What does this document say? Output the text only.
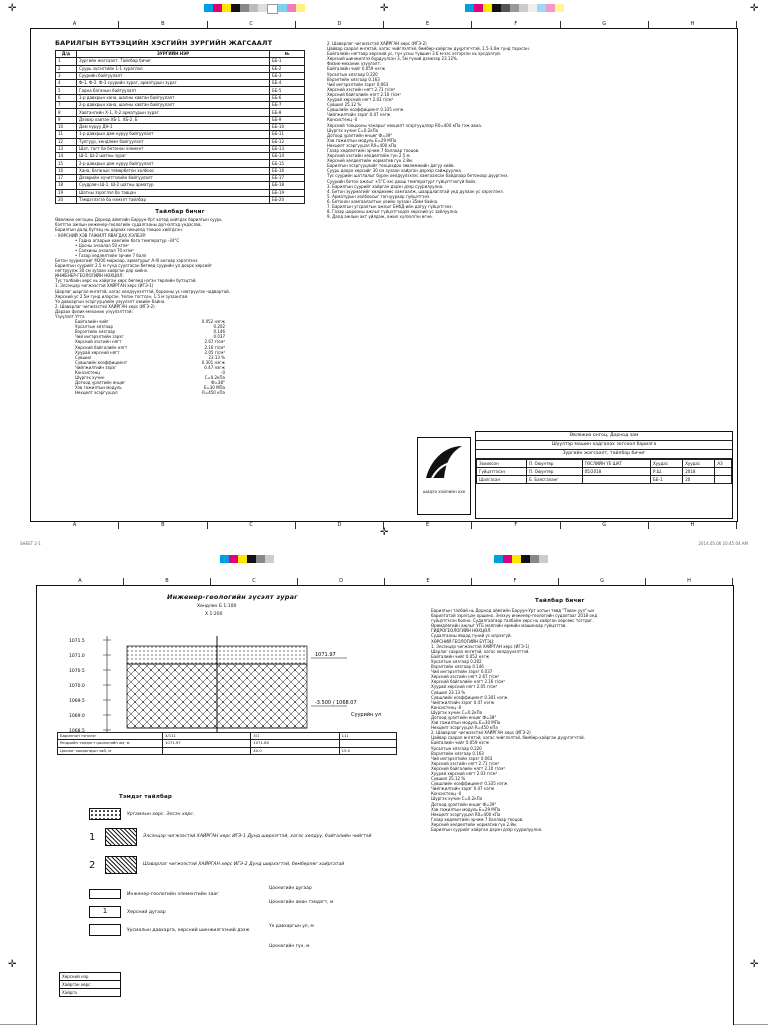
✛	✛	✛
A	B	C	D	E	F	G	H
A	B	C	D	E	F	G	H
БАРИЛГЫН БҮТЭЭЦИЙН ХЭСГИЙН ЗУРГИЙН ЖАГСААЛТ
Д/д	ЗУРГИЙН НЭР	№
1	Зургийн жагсаалт. Тайлбар бичиг	ББ-1
2	Суурь зүсэлтийн 1-1 зураглал	ББ-2
3	Суурийн байгуулалт	ББ-3
4	Ф-1, Ф-2. Ф-3 суурийн зураг, арматурын зураг	ББ-4
5	Гадна баганын байгуулалт	ББ-5
6	1-р давхрын хана, шалны хавтан байгуулалт	ББ-6
7	2-р давхрын хана, шалны хавтан байгуулалт	ББ-7
8	Хавтангийн Х-1, Х-2 арматурын зураг	ББ-8
9	Дээвэр хавтан ХБ-1. ХБ-2. Б	ББ-9
10	Дам нуруу ДН-1	ББ-10
11	1-р давхрын дам нуруу байгуулалт	ББ-11
12	Тулгуур, хөндлөвч байгуулалт	ББ-12
13	Шат, тагт ба бетонон элемент	ББ-13
14	Ш-1. Ш-2 шатны зураг	ББ-14
15	2-р давхрын дам нуруу байгуулалт	ББ-15
16	Хана, баганын төмөрбетон холбоос	ББ-16
17	Дээврийн хүчитгэлийн байгуулалт	ББ-17
18	Сүүдрэвч Ш-1. Ш-2 шатны арматур	ББ-18
19	Шатны зэрэглэл ба тавцан	ББ-19
20	Тэмдэглэгээ ба нэмэлт тайлбар	ББ-20
Тайлбар бичиг
Өвөлжих онгоцны Дорнод аймгийн Баруун-Урт хотод хийгдэх барилгын суурь
бэлтгэх ажлын инженер-геологийн судалгааны дүгнэлтэд үндэслэв.
Барилгын далд бүтээц нь дараах нөхцөлд тооцоо хийгдсэн:
- ХӨРСНИЙ ХЭВ ГАЖИЛТ ЯВАГДАХ ХЭЛБЭР:
• Гадна агаарын хамгийн бага температур -34°С
• Цасны ачаалал 50 кг/м²
• Салхины ачаалал 70 кг/м²
• Газар хөдлөлтийн эрчим 7 балл
Бетон зуурмагийг М200 маркаар, арматурыг A-III ангиар хэрэглэнэ.
Барилгын суурийг 2.5 м гүнд суулгасан бөгөөд суурийн ул доорх хөрсийг
нягтруулж 30 см зузаан хайрган дэр хийнэ.
ИНЖЕНЕР-ГЕОЛОГИЙН НӨХЦӨЛ:
Тус талбайн хөрс нь хайрган хөрс бөгөөд нэгэн төрлийн бүтэцтэй.
1. Элсэнцэр чигжээстэй ХАЙРГАН хөрс (ИГЭ-1)
Шарлаг шаргал өнгөтэй, хагас хөлдүүнэлттэй, борооны ус нэвтрүүлэх чадвартай.
Хөрсний ус 2.5м гүнд илэрсэн. Үелэн тогтсон, 1.5 м зузаантай.
Үе давхаргын эсэргүүцлийн үзүүлэлт хэвийн байна.
2. Шаварлаг чигжээстэй ХАЙРГАН хөрс (ИГЭ-2)
Дараах физик-механик үзүүлэлттэй:
Үзүүлэлт Утга
Байгалийн чийг	0.052 нэгж
Урсалтын хязгаар	0.202
Вэрэлтийн хязгаар	0.146
Чий ингэрэлтийн зэрэг	0.037
Хөрсний хэсгийн нягт	2.67 г/см³
Хөрсний байгалийн нягт	2.16 г/см³
Хуурай хөрсний нягт	2.05 г/см³
Сүвшил	23.13 %
Сүвшлийн коэффициент	0.301 нэгж
Чийгжилтийн зэрэг	0.47 нэгж
Консистенц	-0
Шүргэх хүчин	С=0.2кПа
Дотоод үрэлтийн өнцөг	Ф=38°
Хэв гажилтын модуль	Е=30 МПа
Нөхцөлт эсэргүүцэл	R=450 кПа
2. Шаварлаг чигжээстэй ХАЙРГАН хөрс (ИГЭ-2)
Цайвар саарал өнгөтэй, хагас чийглэлтэй, бөмбөр-хайрган дүүргэгчтэй, 1.5-3.0м гүнд тархсан.
Байгалийн нягтаар хөрсний ус, гүн усны түвшин 3.6 м-ээс хэтэрсэн нь эрсдэлгүй.
Хөрсний шинжилгээ бүрдүүлсэн 3, 5м гүний дээжээр 23.12%.
Физик-механик үзүүлэлт:
Байгалийн чийг 0.059 нэгж
Урсалтын хязгаар 0.220
Вэрэлтийн хязгаар 0.163
Чий ингэрэлтийн зэрэг 0.063
Хөрсний хэсгийн нягт 2.71 г/см³
Хөрсний байгалийн нягт 2.10 г/см³
Хуурай хөрсний нягт 2.03 г/см³
Сүвшил 25.12 %
Сүвшлийн коэффициент 0.335 нэгж
Чийгжилтийн зэрэг 0.47 нэгж
Консистенц -0
Хөрсний тооцооны чанарыг нөхцөлт эсэргүүцлээр R0=400 кПа гэж авна.
Шүргэх хүчин С=0.2кПа
Дотоод үрэлтийн өнцөг Ф=39°
Хэв гажилтын модуль Е=29 МПа
Нөхцөлт эсэргүүцэл R0=400 кПа
Газар хөдлөлтийн эрчим 7 баллаар тооцов.
Хөрсний хэсгийн хөлдөлтийн гүн 2.5 м.
Хөрсний хөлдөлтийн норматив гүн 2.8м.
Барилгын эсэргүүцлийг тооцохдоо зөвлөмжийн дагуу хийв.
Суурь доорх хөрсийг 30 см зузаан хайрган дэрээр сайжруулна.
Тус суурийн шатлалыг бүрэн хөлдүүлэхээс хамгаалсан байдлаар бетоноор дүүргэнэ.
Суурийн бетон ажлыг +5°С-ээс доош температурт гүйцэтгэхгүй байх.
3. Барилгын суурийг хайрган дэрэн дээр суурилуулна.
4. Бетон зуурмагийг хөлдөхөөс хамгаалж, шаардлагатай үед дулаан ус хэрэглэнэ.
5. Арматурын холбоосыг гагнуураар гүйцэтгэнэ.
6. Бетонон хамгаалалтын үеийн зузаан 35мм байна.
7. Барилгын угсралтын ажлыг БНбД-ийн дагуу гүйцэтгэнэ.
8. Газар шорооны ажлыг гүйцэтгэхдээ хөрсний ус зайлуулна.
9. Далд ажлын акт үйлдэж, ажил хүлээлгэн өгнө.
Өвлөжих онгоц, Дорнод зам
Шүүлтэр машин хадгалах зогсоол барилга
Зургийн жагсаалт, тайлбар бичиг
Зохиосон	П. Оюунтөр	ТӨСЛИЙН ҮЕ ШАТ	Хуудас	Хуудас	A3
Гүйцэтгэсэн	П. Оюунтөр	05/2018	Р.Ш.	2018	
Шалгасан	Б. Баясгаланг		ББ-1	20	
ШИДЭЭ ХЭЙЛИЙН ХХК
✛
SHEET 2-1	2014.05.06 10:45:04 AM
A	B	C	D	E	F	G	H
Инженер-геологийн зүсэлт зураг
Хөндлөн Б 1:100
Х 1:200
1071.5
1071.0
1070.5
1070.0
1069.5
1069.0
1068.5
1071.97
-3.500 / 1068.07
Суурийн ул
Барилгын тэнхлэг	3/111	3/1	111
Өндрийн тэмдэгт цооногийн ам, м	1071.97	1071.80	
Цооног хоорондын зай, м		40.0	15.0
Тэмдэг тайлбар
Ургамлын хөрс. Элсэн хөрс.
1	Элсэнцэр чигжээстэй ХАЙРГАН хөрс ИГЭ-1 Дунд ширхэгтэй, хагас хөлдүү, байгалийн чийгтэй
2	Шаварлаг чигжээстэй ХАЙРГАН хөрс ИГЭ-2 Дунд ширхэгтэй, бөмбөрлөг хайргатай
Инженер-геологийн элементийн зааг
1	Хөрсний дугаар
Уусмалын давхарга, хөрсний шинжилгээний дээж
Цооногийн дугаар
Цооногийн аман тэмдэгт, м
Үе давхаргын ул, м
Цооногийн гүн, м
Хөрсний нэр
Хайрган хөрс
Хайрга
Тайлбар бичиг
Барилгын талбай нь Дорнод аймгийн Баруун-Урт хотын төвд "Таван уул"-ын
барилгатай зэрэгцэн оршино. Энэхүү инженер-геологийн судалгааг 2018 онд
гүйцэтгэсэн болно. Судалгаагаар талбайн хөрс нь хайрган хөрсөөс тогтдог.
Өрөмдлөгийн ажлыг УГБ маягийн өрмийн машинаар гүйцэтгэв.
ГИДРОГЕОЛОГИЙН НӨХЦӨЛ:
Судалгааны явцад гүний ус илрээгүй.
ХӨРСНИЙ ГЕОЛОГИЙН БҮТЭЦ:
1. Элсэнцэр чигжээстэй ХАЙРГАН хөрс (ИГЭ-1)
Шарлаг саарал өнгөтэй, хагас хөлдүүнэлттэй.
Байгалийн чийг 0.052 нэгж
Урсалтын хязгаар 0.202
Вэрэлтийн хязгаар 0.146
Чий ингэрэлтийн зэрэг 0.037
Хөрсний хэсгийн нягт 2.67 г/см³
Хөрсний байгалийн нягт 2.16 г/см³
Хуурай хөрсний нягт 2.05 г/см³
Сүвшил 23.13 %
Сүвшлийн коэффициент 0.301 нэгж
Чийгжилтийн зэрэг 0.47 нэгж
Консистенц -0
Шүргэх хүчин С=0.2кПа
Дотоод үрэлтийн өнцөг Ф=38°
Хэв гажилтын модуль Е=30 МПа
Нөхцөлт эсэргүүцэл R=450 кПа
2. Шаварлаг чигжээстэй ХАЙРГАН хөрс (ИГЭ-2)
Цайвар саарал өнгөтэй, хагас чийглэлтэй, бөмбөр-хайрган дүүргэгчтэй.
Байгалийн чийг 0.059 нэгж
Урсалтын хязгаар 0.220
Вэрэлтийн хязгаар 0.163
Чий ингэрэлтийн зэрэг 0.063
Хөрсний хэсгийн нягт 2.71 г/см³
Хөрсний байгалийн нягт 2.10 г/см³
Хуурай хөрсний нягт 2.03 г/см³
Сүвшил 25.12 %
Сүвшлийн коэффициент 0.335 нэгж
Чийгжилтийн зэрэг 0.47 нэгж
Консистенц -0
Шүргэх хүчин С=0.2кПа
Дотоод үрэлтийн өнцөг Ф=39°
Хэв гажилтын модуль Е=29 МПа
Нөхцөлт эсэргүүцэл R0=400 кПа
Газар хөдлөлтийн эрчим 7 баллаар тооцов.
Хөрсний хөлдөлтийн норматив гүн 2.8м.
Барилгын суурийг хайрган дэрэн дээр суурилуулна.
✛	✛
